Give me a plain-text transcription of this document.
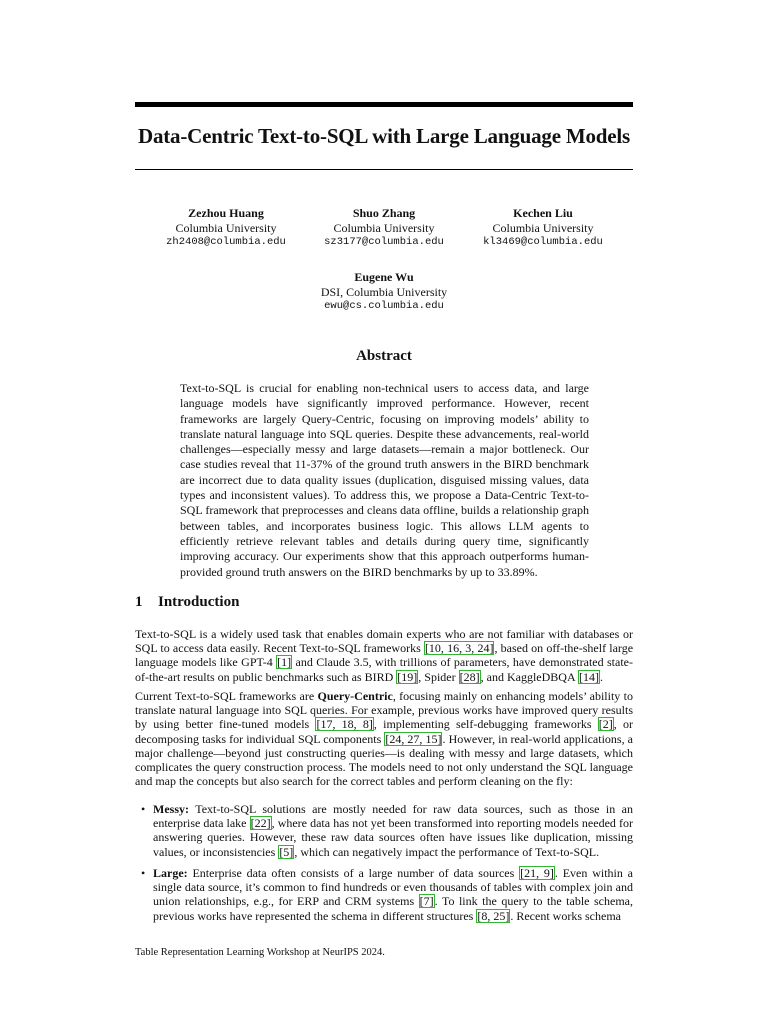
Data-Centric Text-to-SQL with Large Language Models
Zezhou Huang
Columbia University
zh2408@columbia.edu
Shuo Zhang
Columbia University
sz3177@columbia.edu
Kechen Liu
Columbia University
kl3469@columbia.edu
Eugene Wu
DSI, Columbia University
ewu@cs.columbia.edu
Abstract
Text-to-SQL is crucial for enabling non-technical users to access data, and large language models have significantly improved performance. However, recent frameworks are largely Query-Centric, focusing on improving models’ ability to translate natural language into SQL queries. Despite these advancements, real-world challenges—especially messy and large datasets—remain a major bottleneck. Our case studies reveal that 11-37% of the ground truth answers in the BIRD benchmark are incorrect due to data quality issues (duplication, disguised missing values, data types and inconsistent values). To address this, we propose a Data-Centric Text-to-SQL framework that preprocesses and cleans data offline, builds a relationship graph between tables, and incorporates business logic. This allows LLM agents to efficiently retrieve relevant tables and details during query time, significantly improving accuracy. Our experiments show that this approach outperforms human-provided ground truth answers on the BIRD benchmarks by up to 33.89%.
1 Introduction
Text-to-SQL is a widely used task that enables domain experts who are not familiar with databases or SQL to access data easily. Recent Text-to-SQL frameworks [10, 16, 3, 24], based on off-the-shelf large language models like GPT-4 [1] and Claude 3.5, with trillions of parameters, have demonstrated state-of-the-art results on public benchmarks such as BIRD [19], Spider [28], and KaggleDBQA [14].
Current Text-to-SQL frameworks are Query-Centric, focusing mainly on enhancing models’ ability to translate natural language into SQL queries. For example, previous works have improved query results by using better fine-tuned models [17, 18, 8], implementing self-debugging frameworks [2], or decomposing tasks for individual SQL components [24, 27, 15]. However, in real-world applications, a major challenge—beyond just constructing queries—is dealing with messy and large datasets, which complicates the query construction process. The models need to not only understand the SQL language and map the concepts but also search for the correct tables and perform cleaning on the fly:
• Messy: Text-to-SQL solutions are mostly needed for raw data sources, such as those in an enterprise data lake [22], where data has not yet been transformed into reporting models needed for answering queries. However, these raw data sources often have issues like duplication, missing values, or inconsistencies [5], which can negatively impact the performance of Text-to-SQL.
• Large: Enterprise data often consists of a large number of data sources [21, 9]. Even within a single data source, it’s common to find hundreds or even thousands of tables with complex join and union relationships, e.g., for ERP and CRM systems [7]. To link the query to the table schema, previous works have represented the schema in different structures [8, 25]. Recent works schema
Table Representation Learning Workshop at NeurIPS 2024.
